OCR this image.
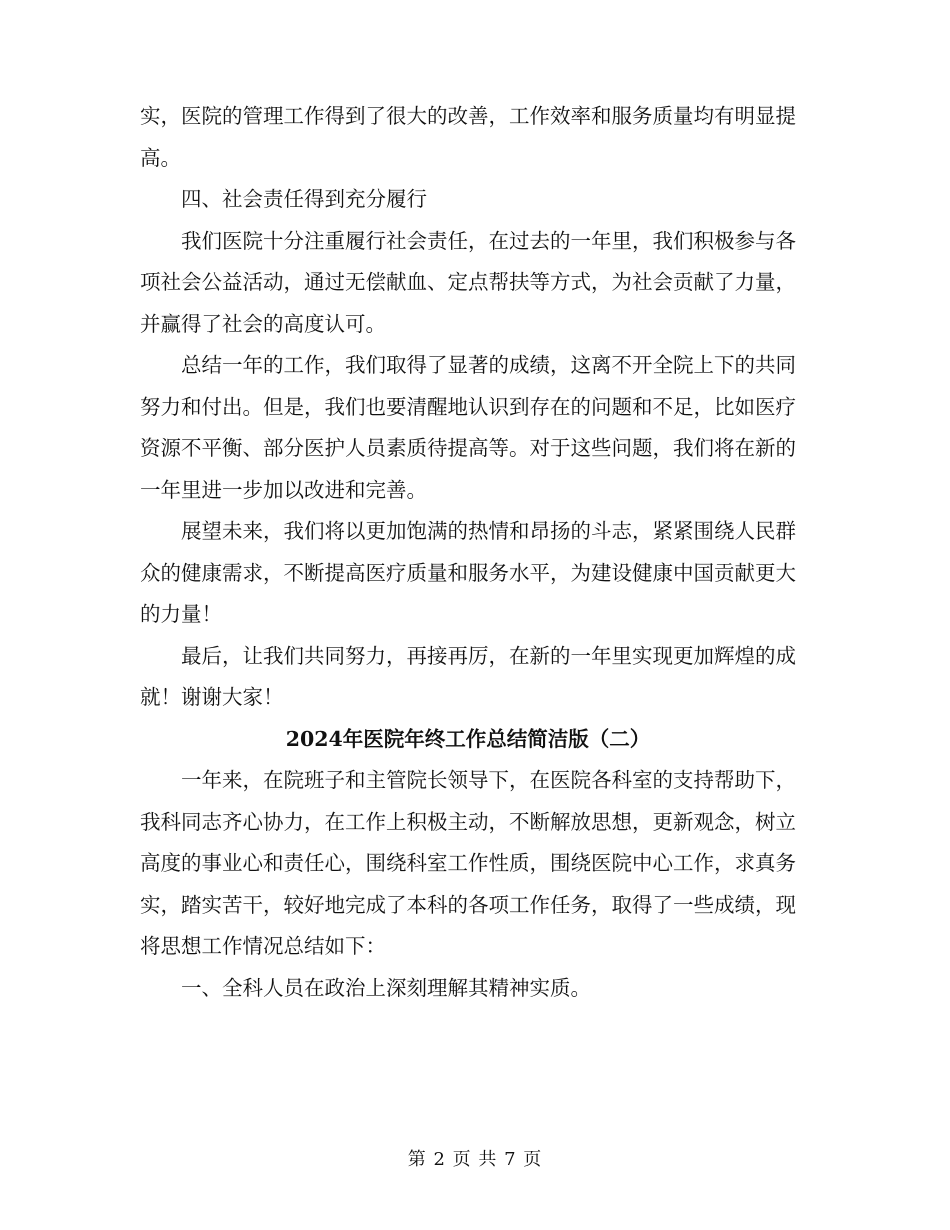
实，医院的管理工作得到了很大的改善，工作效率和服务质量均有明显提高。

四、社会责任得到充分履行

我们医院十分注重履行社会责任，在过去的一年里，我们积极参与各项社会公益活动，通过无偿献血、定点帮扶等方式，为社会贡献了力量，并赢得了社会的高度认可。

总结一年的工作，我们取得了显著的成绩，这离不开全院上下的共同努力和付出。但是，我们也要清醒地认识到存在的问题和不足，比如医疗资源不平衡、部分医护人员素质待提高等。对于这些问题，我们将在新的一年里进一步加以改进和完善。

展望未来，我们将以更加饱满的热情和昂扬的斗志，紧紧围绕人民群众的健康需求，不断提高医疗质量和服务水平，为建设健康中国贡献更大的力量！

最后，让我们共同努力，再接再厉，在新的一年里实现更加辉煌的成就！谢谢大家！

2024年医院年终工作总结简洁版（二）

一年来，在院班子和主管院长领导下，在医院各科室的支持帮助下，我科同志齐心协力，在工作上积极主动，不断解放思想，更新观念，树立高度的事业心和责任心，围绕科室工作性质，围绕医院中心工作，求真务实，踏实苦干，较好地完成了本科的各项工作任务，取得了一些成绩，现将思想工作情况总结如下：

一、全科人员在政治上深刻理解其精神实质。

第 2 页 共 7 页
